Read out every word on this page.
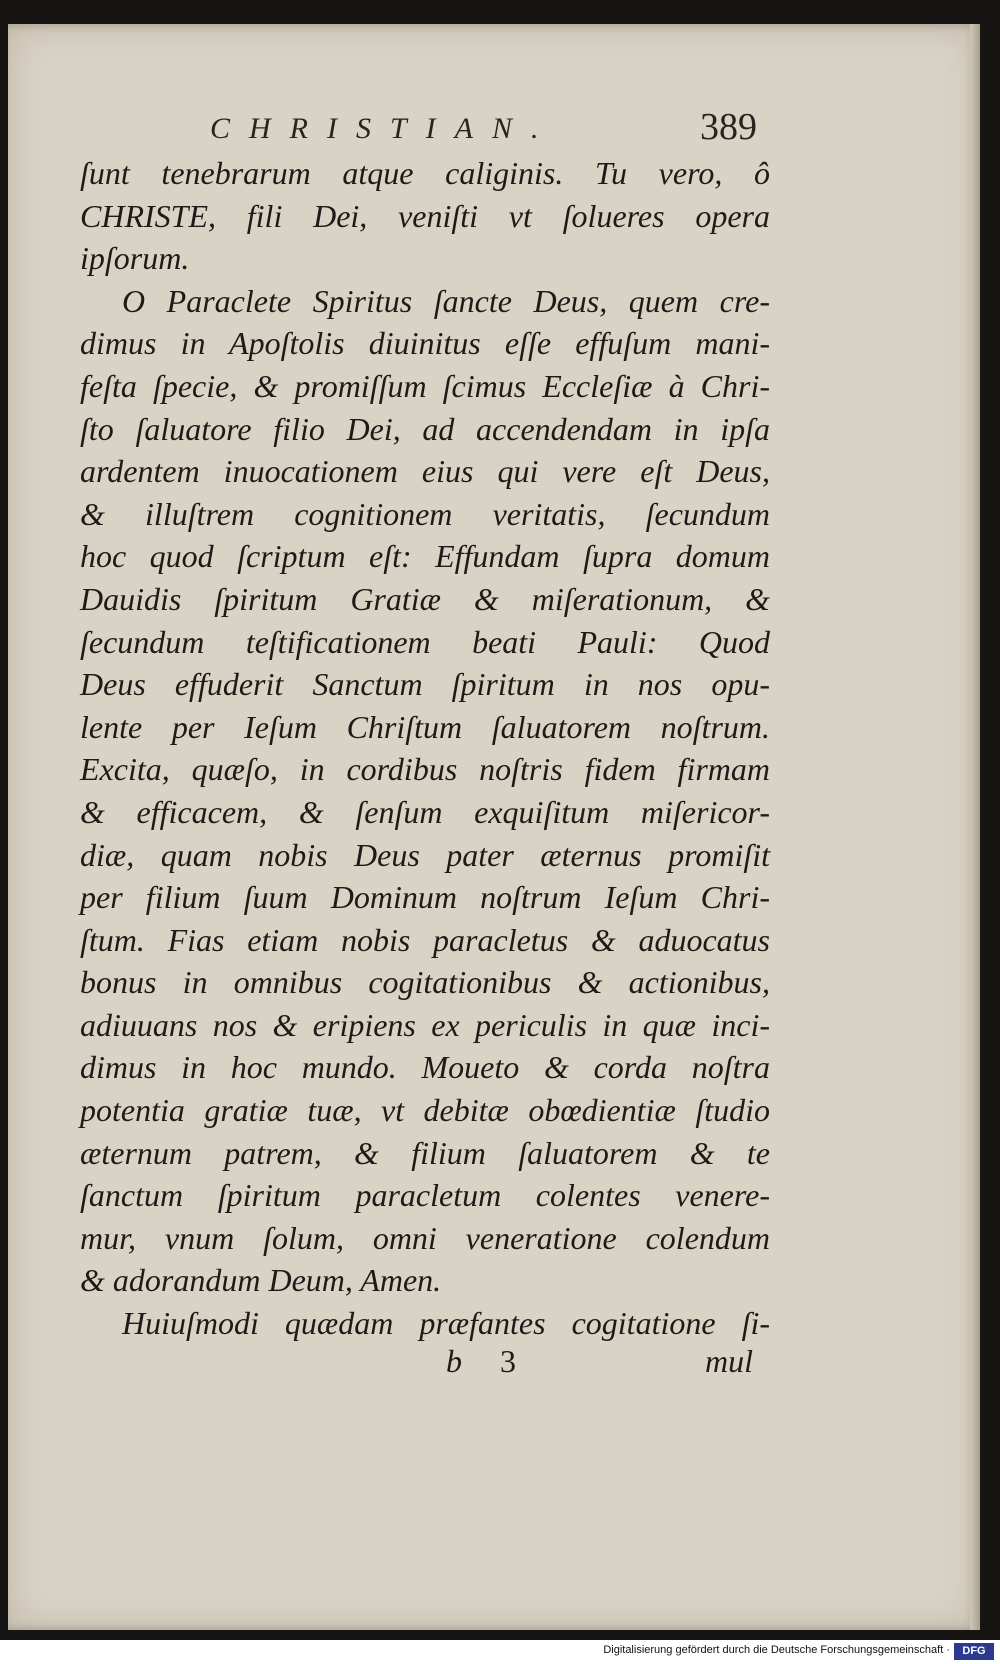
CHRISTIAN.	389
ſunt tenebrarum atque caliginis. Tu vero, ô
CHRISTE, fili Dei, veniſti vt ſolueres opera
ipſorum.
O Paraclete Spiritus ſancte Deus, quem cre-
dimus in Apoſtolis diuinitus eſſe effuſum mani-
feſta ſpecie, & promiſſum ſcimus Eccleſiæ à Chri-
ſto ſaluatore filio Dei, ad accendendam in ipſa
ardentem inuocationem eius qui vere eſt Deus,
& illuſtrem cognitionem veritatis, ſecundum
hoc quod ſcriptum eſt: Effundam ſupra domum
Dauidis ſpiritum Gratiæ & miſerationum, &
ſecundum teſtificationem beati Pauli: Quod
Deus effuderit Sanctum ſpiritum in nos opu-
lente per Ieſum Chriſtum ſaluatorem noſtrum.
Excita, quæſo, in cordibus noſtris fidem firmam
& efficacem, & ſenſum exquiſitum miſericor-
diæ, quam nobis Deus pater æternus promiſit
per filium ſuum Dominum noſtrum Ieſum Chri-
ſtum. Fias etiam nobis paracletus & aduocatus
bonus in omnibus cogitationibus & actionibus,
adiuuans nos & eripiens ex periculis in quæ inci-
dimus in hoc mundo. Moueto & corda noſtra
potentia gratiæ tuæ, vt debitæ obœdientiæ ſtudio
æternum patrem, & filium ſaluatorem & te
ſanctum ſpiritum paracletum colentes venere-
mur, vnum ſolum, omni veneratione colendum
& adorandum Deum, Amen.
Huiuſmodi quædam præfantes cogitatione ſi-
b 3	mul
Digitalisierung gefördert durch die Deutsche Forschungsgemeinschaft ·	DFG
